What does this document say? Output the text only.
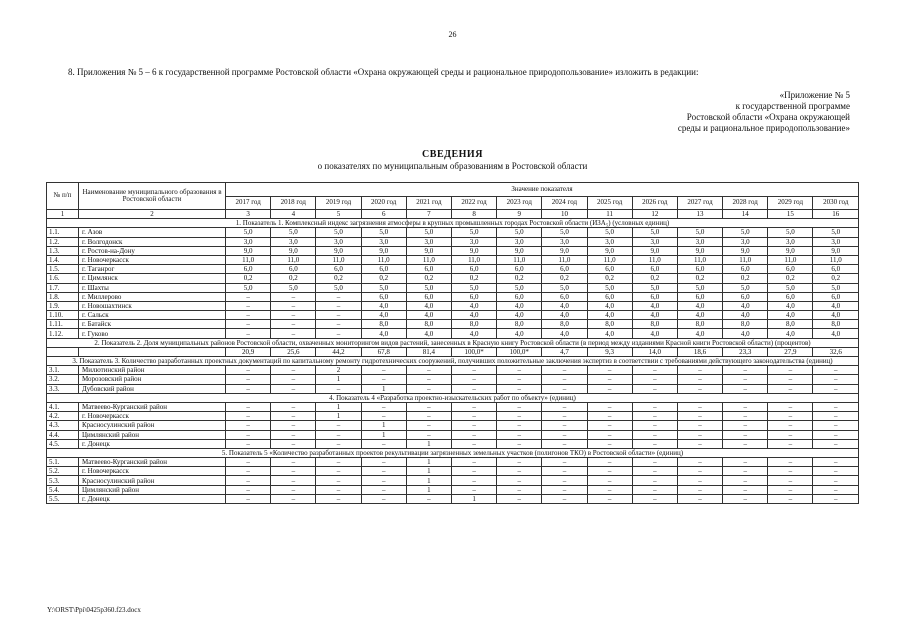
26
8. Приложения № 5 – 6 к государственной программе Ростовской области «Охрана окружающей среды и рациональное природопользование» изложить в редакции:
«Приложение № 5
к государственной программе
Ростовской области «Охрана окружающей
среды и рациональное природопользование»
СВЕДЕНИЯ
о показателях по муниципальным образованиям в Ростовской области
№ п/п	Наименование муниципального образования в Ростовской области	Значение показателя													
		2017 год	2018 год	2019 год	2020 год	2021 год	2022 год	2023 год	2024 год	2025 год	2026 год	2027 год	2028 год	2029 год	2030 год
1	2	3	4	5	6	7	8	9	10	11	12	13	14	15	16
1. Показатель 1. Комплексный индекс загрязнения атмосферы в крупных промышленных городах Ростовской области (ИЗА₅) (условных единиц)															
1.1.	г. Азов	5,0	5,0	5,0	5,0	5,0	5,0	5,0	5,0	5,0	5,0	5,0	5,0	5,0	5,0
1.2.	г. Волгодонск	3,0	3,0	3,0	3,0	3,0	3,0	3,0	3,0	3,0	3,0	3,0	3,0	3,0	3,0
1.3.	г. Ростов-на-Дону	9,0	9,0	9,0	9,0	9,0	9,0	9,0	9,0	9,0	9,0	9,0	9,0	9,0	9,0
1.4.	г. Новочеркасск	11,0	11,0	11,0	11,0	11,0	11,0	11,0	11,0	11,0	11,0	11,0	11,0	11,0	11,0
1.5.	г. Таганрог	6,0	6,0	6,0	6,0	6,0	6,0	6,0	6,0	6,0	6,0	6,0	6,0	6,0	6,0
1.6.	г. Цимлянск	0,2	0,2	0,2	0,2	0,2	0,2	0,2	0,2	0,2	0,2	0,2	0,2	0,2	0,2
1.7.	г. Шахты	5,0	5,0	5,0	5,0	5,0	5,0	5,0	5,0	5,0	5,0	5,0	5,0	5,0	5,0
1.8.	г. Миллерово	–	–	–	6,0	6,0	6,0	6,0	6,0	6,0	6,0	6,0	6,0	6,0	6,0
1.9.	г. Новошахтинск	–	–	–	4,0	4,0	4,0	4,0	4,0	4,0	4,0	4,0	4,0	4,0	4,0
1.10.	г. Сальск	–	–	–	4,0	4,0	4,0	4,0	4,0	4,0	4,0	4,0	4,0	4,0	4,0
1.11.	г. Батайск	–	–	–	8,0	8,0	8,0	8,0	8,0	8,0	8,0	8,0	8,0	8,0	8,0
1.12.	г. Гуково	–	–	–	4,0	4,0	4,0	4,0	4,0	4,0	4,0	4,0	4,0	4,0	4,0
2. Показатель 2. Доля муниципальных районов Ростовской области, охваченных мониторингом видов растений, занесенных в Красную книгу Ростовской области (в период между изданиями Красной книги Ростовской области) (процентов)															
		20,9	25,6	44,2	67,8	81,4	100,0*	100,0*	4,7	9,3	14,0	18,6	23,3	27,9	32,6
3. Показатель 3. Количество разработанных проектных документаций по капитальному ремонту гидротехнических сооружений, получивших положительные заключения экспертиз в соответствии с требованиями действующего законодательства (единиц)															
3.1.	Милютинский район	–	–	2	–	–	–	–	–	–	–	–	–	–	–
3.2.	Морозовский район	–	–	1	–	–	–	–	–	–	–	–	–	–	–
3.3.	Дубовский район	–	–	–	1	–	–	–	–	–	–	–	–	–	–
4. Показатель 4 «Разработка проектно-изыскательских работ по объекту» (единиц)															
4.1.	Матвеево-Курганский район	–	–	1	–	–	–	–	–	–	–	–	–	–	–
4.2.	г. Новочеркасск	–	–	1	–	–	–	–	–	–	–	–	–	–	–
4.3.	Красносулинский район	–	–	–	1	–	–	–	–	–	–	–	–	–	–
4.4.	Цимлянский район	–	–	–	1	–	–	–	–	–	–	–	–	–	–
4.5.	г. Донецк	–	–	–	–	1	–	–	–	–	–	–	–	–	–
5. Показатель 5 «Количество разработанных проектов рекультивации загрязненных земельных участков (полигонов ТКО) в Ростовской области» (единиц)															
5.1.	Матвеево-Курганский район	–	–	–	–	1	–	–	–	–	–	–	–	–	–
5.2.	г. Новочеркасск	–	–	–	–	1	–	–	–	–	–	–	–	–	–
5.3.	Красносулинский район	–	–	–	–	1	–	–	–	–	–	–	–	–	–
5.4.	Цимлянский район	–	–	–	–	1	–	–	–	–	–	–	–	–	–
5.5.	г. Донецк	–	–	–	–	–	1	–	–	–	–	–	–	–	–
Y:\ORST\Ppi\0425p360.f23.docx
